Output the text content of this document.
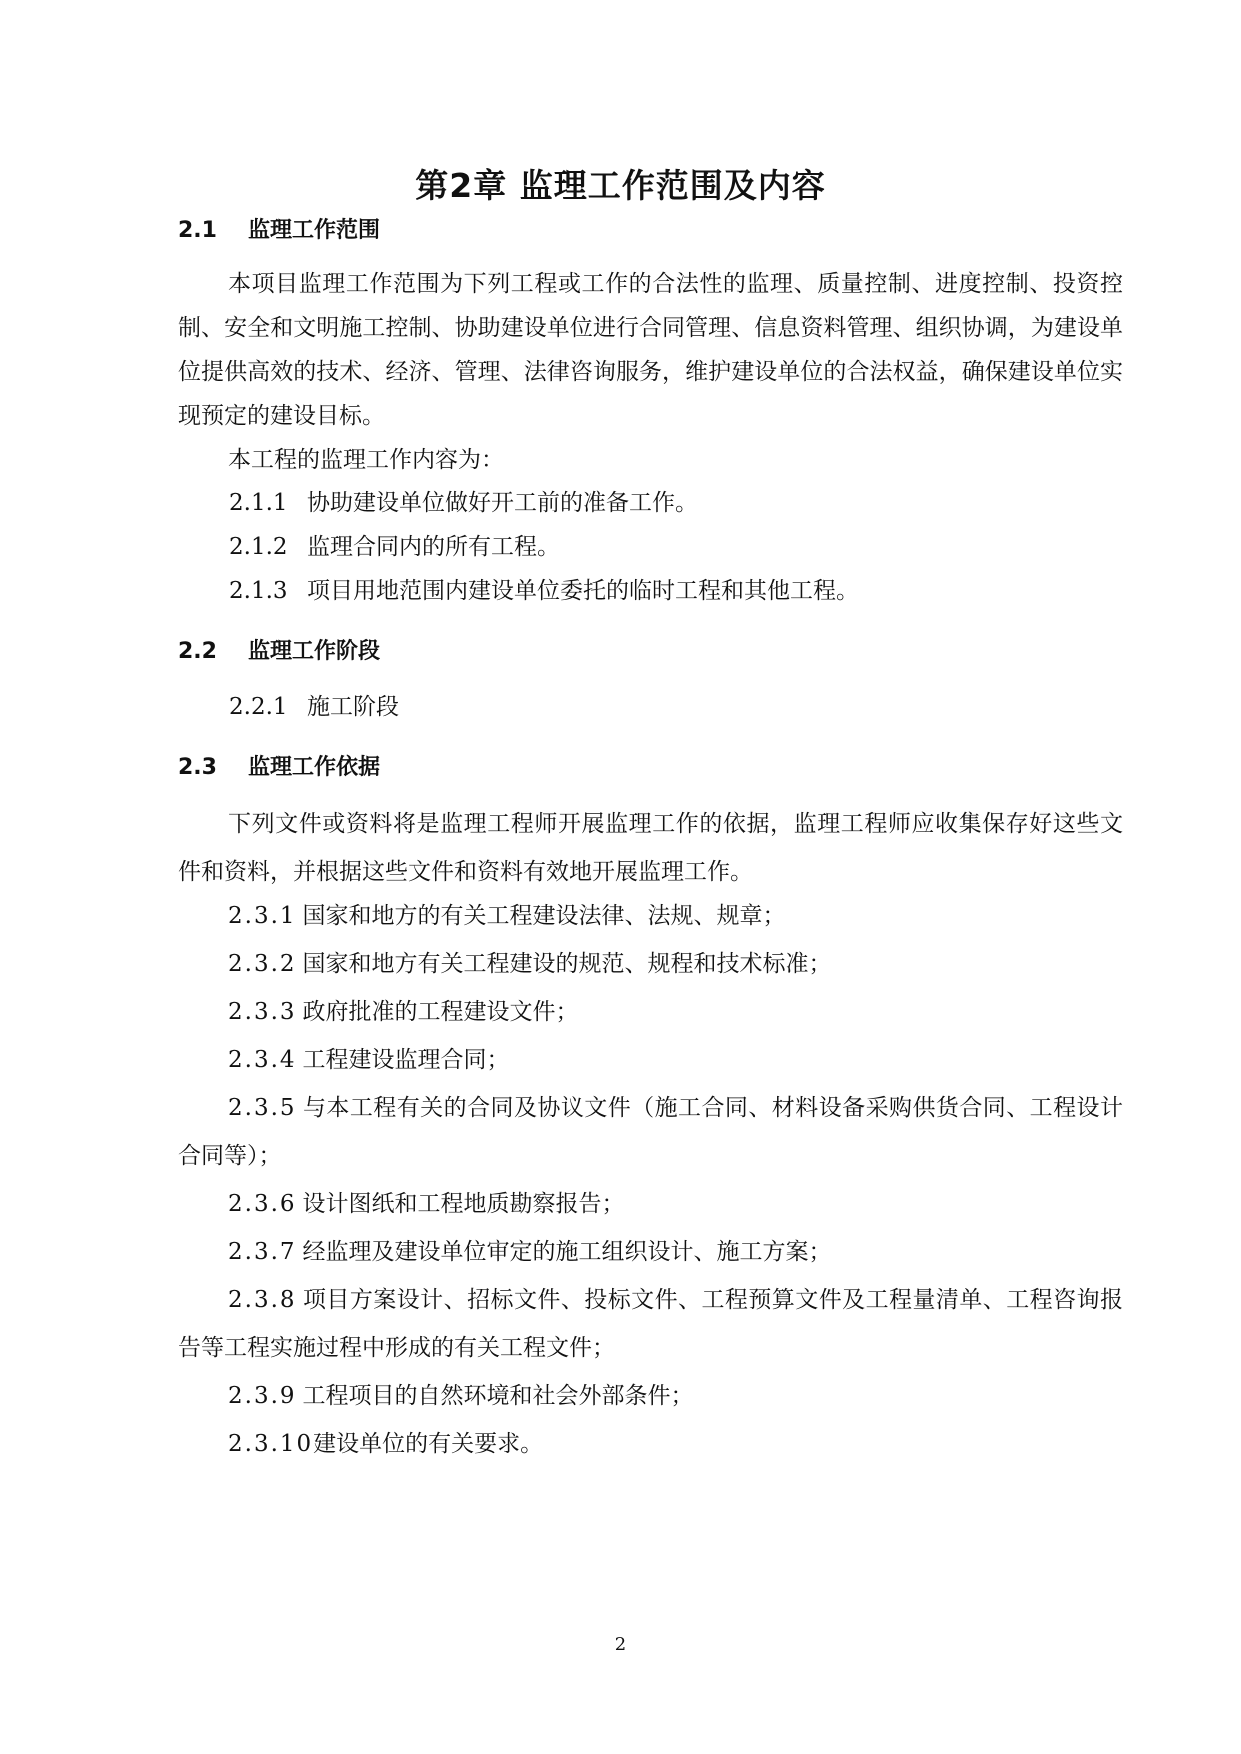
第2章 监理工作范围及内容
2.1 监理工作范围
本项目监理工作范围为下列工程或工作的合法性的监理、质量控制、进度控制、投资控制、安全和文明施工控制、协助建设单位进行合同管理、信息资料管理、组织协调，为建设单位提供高效的技术、经济、管理、法律咨询服务，维护建设单位的合法权益，确保建设单位实现预定的建设目标。
本工程的监理工作内容为：
2.1.1 协助建设单位做好开工前的准备工作。
2.1.2 监理合同内的所有工程。
2.1.3 项目用地范围内建设单位委托的临时工程和其他工程。
2.2 监理工作阶段
2.2.1 施工阶段
2.3 监理工作依据
下列文件或资料将是监理工程师开展监理工作的依据，监理工程师应收集保存好这些文件和资料，并根据这些文件和资料有效地开展监理工作。
2.3.1 国家和地方的有关工程建设法律、法规、规章；
2.3.2 国家和地方有关工程建设的规范、规程和技术标准；
2.3.3 政府批准的工程建设文件；
2.3.4 工程建设监理合同；
2.3.5 与本工程有关的合同及协议文件（施工合同、材料设备采购供货合同、工程设计合同等）；
2.3.6 设计图纸和工程地质勘察报告；
2.3.7 经监理及建设单位审定的施工组织设计、施工方案；
2.3.8 项目方案设计、招标文件、投标文件、工程预算文件及工程量清单、工程咨询报告等工程实施过程中形成的有关工程文件；
2.3.9 工程项目的自然环境和社会外部条件；
2.3.10建设单位的有关要求。
2
